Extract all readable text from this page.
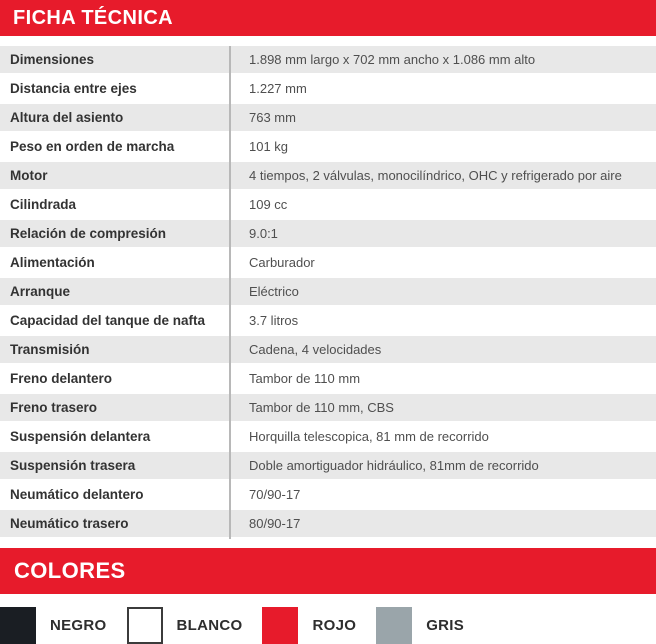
FICHA TÉCNICA
Dimensiones	1.898 mm largo x 702 mm ancho x 1.086 mm alto
Distancia entre ejes	1.227 mm
Altura del asiento	763 mm
Peso en orden de marcha	101 kg
Motor	4 tiempos, 2 válvulas, monocilíndrico, OHC y refrigerado por aire
Cilindrada	109 cc
Relación de compresión	9.0:1
Alimentación	Carburador
Arranque	Eléctrico
Capacidad del tanque de nafta	3.7 litros
Transmisión	Cadena, 4 velocidades
Freno delantero	Tambor de 110 mm
Freno trasero	Tambor de 110 mm, CBS
Suspensión delantera	Horquilla telescopica, 81 mm de recorrido
Suspensión trasera	Doble amortiguador hidráulico, 81mm de recorrido
Neumático delantero	70/90-17
Neumático trasero	80/90-17
COLORES
NEGRO	BLANCO	ROJO	GRIS
